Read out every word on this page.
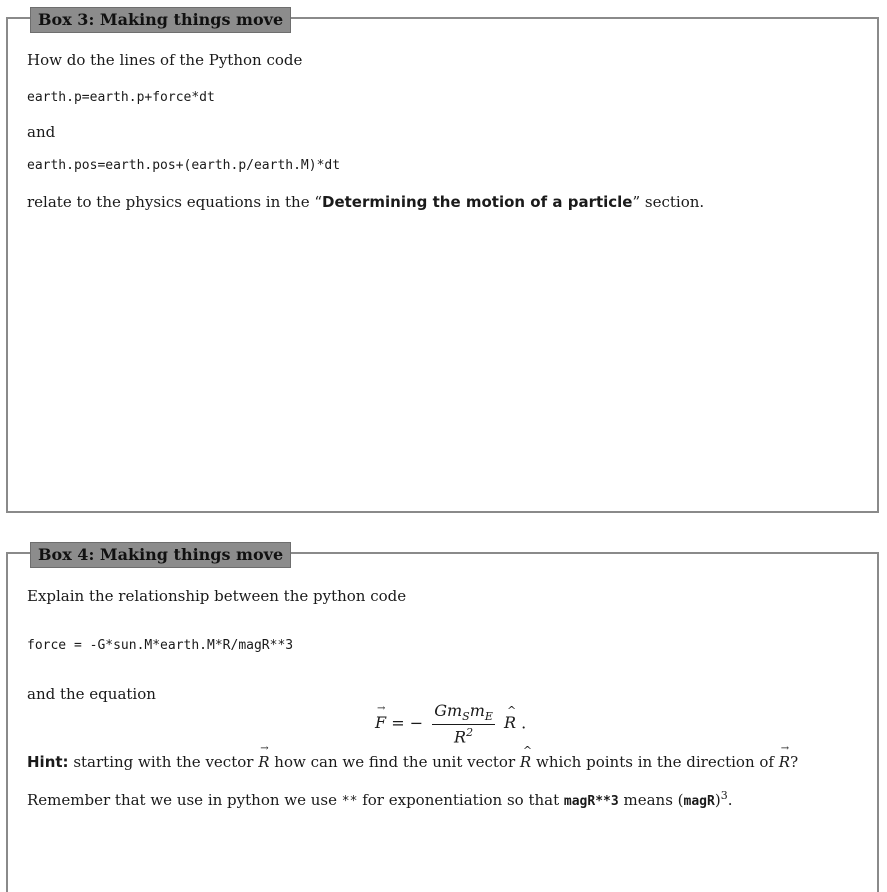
Box 3: Making things move
How do the lines of the Python code
earth.p=earth.p+force*dt
and
earth.pos=earth.pos+(earth.p/earth.M)*dt
relate to the physics equations in the “Determining the motion of a particle” section.
Box 4: Making things move
Explain the relationship between the python code
force = -G*sun.M*earth.M*R/magR**3
and the equation
→ F = − $\frac{Gm_Sm_E}{R^2}$ ^ R .
Hint: starting with the vector → R how can we find the unit vector ^ R which points in the direction of → R?
Remember that we use in python we use ** for exponentiation so that magR**3 means (magR)$^3$.
